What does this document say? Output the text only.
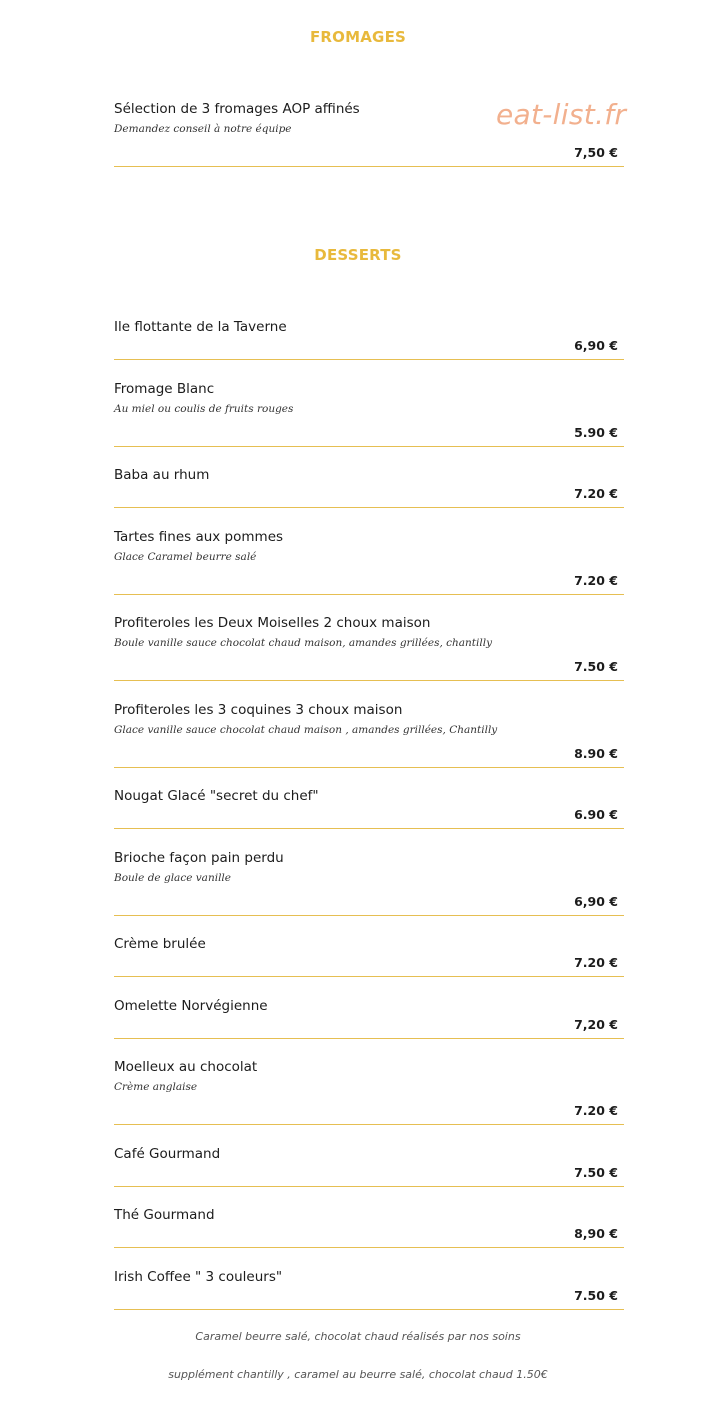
FROMAGES
Sélection de 3 fromages AOP affinés
Demandez conseil à notre équipe
7,50 €
eat-list.fr
DESSERTS
Ile flottante de la Taverne
6,90 €
Fromage Blanc
Au miel ou coulis de fruits rouges
5.90 €
Baba au rhum
7.20 €
Tartes fines aux pommes
Glace Caramel beurre salé
7.20 €
Profiteroles les Deux Moiselles 2 choux maison
Boule vanille sauce chocolat chaud maison, amandes grillées, chantilly
7.50 €
Profiteroles les 3 coquines 3 choux maison
Glace vanille sauce chocolat chaud maison , amandes grillées, Chantilly
8.90 €
Nougat Glacé "secret du chef"
6.90 €
Brioche façon pain perdu
Boule de glace vanille
6,90 €
Crème brulée
7.20 €
Omelette Norvégienne
7,20 €
Moelleux au chocolat
Crème anglaise
7.20 €
Café Gourmand
7.50 €
Thé Gourmand
8,90 €
Irish Coffee " 3 couleurs"
7.50 €
Caramel beurre salé, chocolat chaud réalisés par nos soins
supplément chantilly , caramel au beurre salé, chocolat chaud 1.50€
